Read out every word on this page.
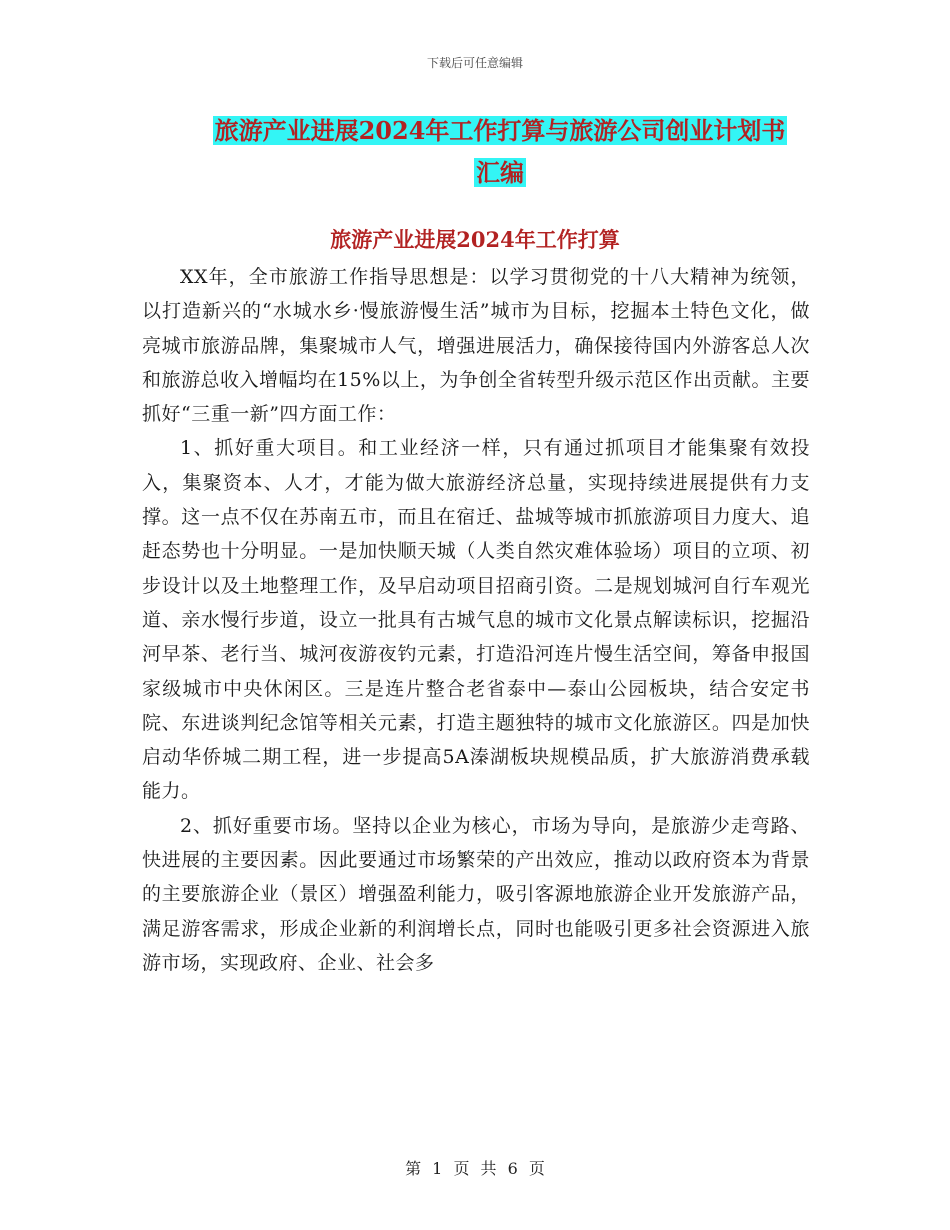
下载后可任意编辑
旅游产业进展2024年工作打算与旅游公司创业计划书
汇编
旅游产业进展2024年工作打算

XX年，全市旅游工作指导思想是：以学习贯彻党的十八大精神为统领，以打造新兴的“水城水乡·慢旅游慢生活”城市为目标，挖掘本土特色文化，做亮城市旅游品牌，集聚城市人气，增强进展活力，确保接待国内外游客总人次和旅游总收入增幅均在15%以上，为争创全省转型升级示范区作出贡献。主要抓好“三重一新”四方面工作：

1、抓好重大项目。和工业经济一样，只有通过抓项目才能集聚有效投入，集聚资本、人才，才能为做大旅游经济总量，实现持续进展提供有力支撑。这一点不仅在苏南五市，而且在宿迁、盐城等城市抓旅游项目力度大、追赶态势也十分明显。一是加快顺天城（人类自然灾难体验场）项目的立项、初步设计以及土地整理工作，及早启动项目招商引资。二是规划城河自行车观光道、亲水慢行步道，设立一批具有古城气息的城市文化景点解读标识，挖掘沿河早茶、老行当、城河夜游夜钓元素，打造沿河连片慢生活空间，筹备申报国家级城市中央休闲区。三是连片整合老省泰中—泰山公园板块，结合安定书院、东进谈判纪念馆等相关元素，打造主题独特的城市文化旅游区。四是加快启动华侨城二期工程，进一步提高5A溱湖板块规模品质，扩大旅游消费承载能力。

2、抓好重要市场。坚持以企业为核心，市场为导向，是旅游少走弯路、快进展的主要因素。因此要通过市场繁荣的产出效应，推动以政府资本为背景的主要旅游企业（景区）增强盈利能力，吸引客源地旅游企业开发旅游产品，满足游客需求，形成企业新的利润增长点，同时也能吸引更多社会资源进入旅游市场，实现政府、企业、社会多

第 1 页 共 6 页
